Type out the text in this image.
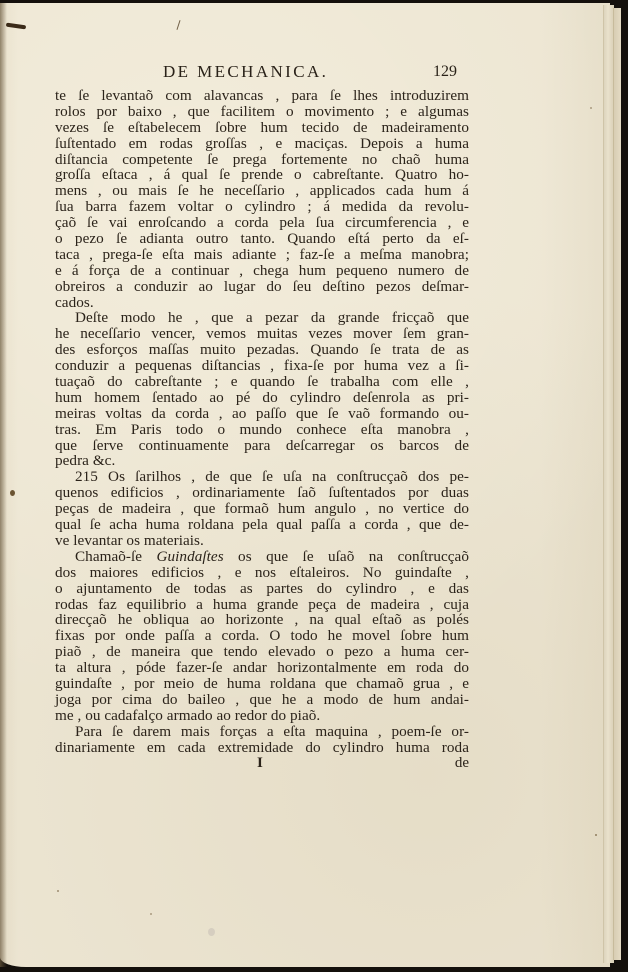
DE MECHANICA.	129
te ſe levantaõ com alavancas , para ſe lhes introduzirem
rolos por baixo , que facilitem o movimento ; e algumas
vezes ſe eſtabelecem ſobre hum tecido de madeiramento
ſuſtentado em rodas groſſas , e maciças. Depois a huma
diſtancia competente ſe prega fortemente no chaõ huma
groſſa eſtaca , á qual ſe prende o cabreſtante. Quatro ho-
mens , ou mais ſe he neceſſario , applicados cada hum á
ſua barra fazem voltar o cylindro ; á medida da revolu-
çaõ ſe vai enroſcando a corda pela ſua circumferencia , e
o pezo ſe adianta outro tanto. Quando eſtá perto da eſ-
taca , prega-ſe eſta mais adiante ; faz-ſe a meſma manobra;
e á força de a continuar , chega hum pequeno numero de
obreiros a conduzir ao lugar do ſeu deſtino pezos deſmar-
cados.
Deſte modo he , que a pezar da grande fricçaõ que
he neceſſario vencer, vemos muitas vezes mover ſem gran-
des esforços maſſas muito pezadas. Quando ſe trata de as
conduzir a pequenas diſtancias , fixa-ſe por huma vez a ſi-
tuaçaõ do cabreſtante ; e quando ſe trabalha com elle ,
hum homem ſentado ao pé do cylindro deſenrola as pri-
meiras voltas da corda , ao paſſo que ſe vaõ formando ou-
tras. Em Paris todo o mundo conhece eſta manobra ,
que ſerve continuamente para deſcarregar os barcos de
pedra &c.
215 Os ſarilhos , de que ſe uſa na conſtrucçaõ dos pe-
quenos edificios , ordinariamente ſaõ ſuſtentados por duas
peças de madeira , que formaõ hum angulo , no vertice do
qual ſe acha huma roldana pela qual paſſa a corda , que de-
ve levantar os materiais.
Chamaõ-ſe Guindaſtes os que ſe uſaõ na conſtrucçaõ
dos maiores edificios , e nos eſtaleiros. No guindaſte ,
o ajuntamento de todas as partes do cylindro , e das
rodas faz equilibrio a huma grande peça de madeira , cuja
direcçaõ he obliqua ao horizonte , na qual eſtaõ as polés
fixas por onde paſſa a corda. O todo he movel ſobre hum
piaõ , de maneira que tendo elevado o pezo a huma cer-
ta altura , póde fazer-ſe andar horizontalmente em roda do
guindaſte , por meio de huma roldana que chamaõ grua , e
joga por cima do baileo , que he a modo de hum andai-
me , ou cadafalço armado ao redor do piaõ.
Para ſe darem mais forças a eſta maquina , poem-ſe or-
dinariamente em cada extremidade do cylindro huma roda
I	de
